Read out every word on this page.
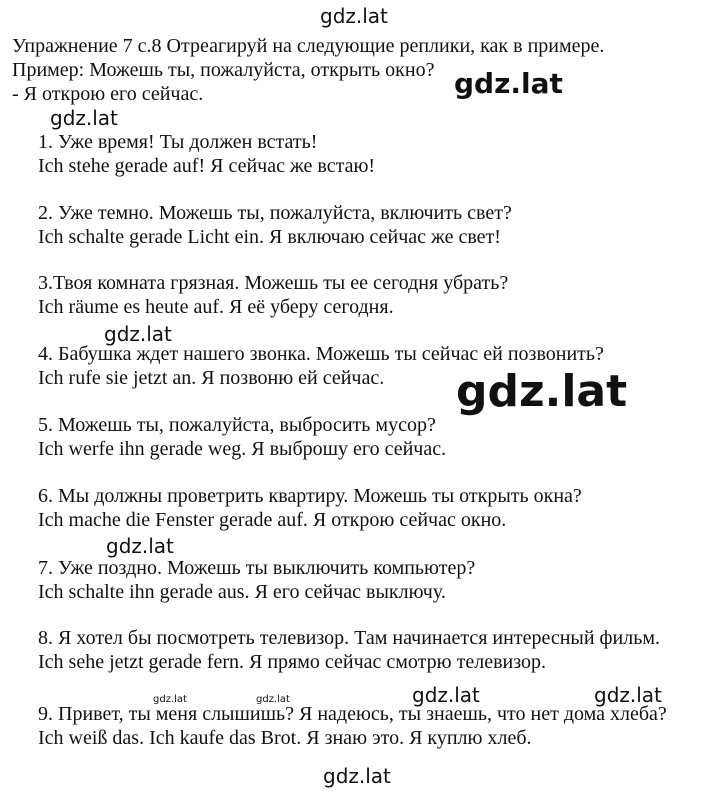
Упражнение 7 с.8 Отреагируй на следующие реплики, как в примере.
Пример: Можешь ты, пожалуйста, открыть окно?
- Я открою его сейчас.
1. Уже время! Ты должен встать!
Ich stehe gerade auf! Я сейчас же встаю!
2. Уже темно. Можешь ты, пожалуйста, включить свет?
Ich schalte gerade Licht ein. Я включаю сейчас же свет!
3.Твоя комната грязная. Можешь ты ее сегодня убрать?
Ich räume es heute auf. Я её уберу сегодня.
4. Бабушка ждет нашего звонка. Можешь ты сейчас ей позвонить?
Ich rufe sie jetzt an. Я позвоню ей сейчас.
5. Можешь ты, пожалуйста, выбросить мусор?
Ich werfe ihn gerade weg. Я выброшу его сейчас.
6. Мы должны проветрить квартиру. Можешь ты открыть окна?
Ich mache die Fenster gerade auf. Я открою сейчас окно.
7. Уже поздно. Можешь ты выключить компьютер?
Ich schalte ihn gerade aus. Я его сейчас выключу.
8. Я хотел бы посмотреть телевизор. Там начинается интересный фильм.
Ich sehe jetzt gerade fern. Я прямо сейчас смотрю телевизор.
9. Привет, ты меня слышишь? Я надеюсь, ты знаешь, что нет дома хлеба?
Ich weiß das. Ich kaufe das Brot. Я знаю это. Я куплю хлеб.
gdz.lat
gdz.lat
gdz.lat
gdz.lat
gdz.lat
gdz.lat
gdz.lat	gdz.lat	gdz.lat	gdz.lat
gdz.lat
